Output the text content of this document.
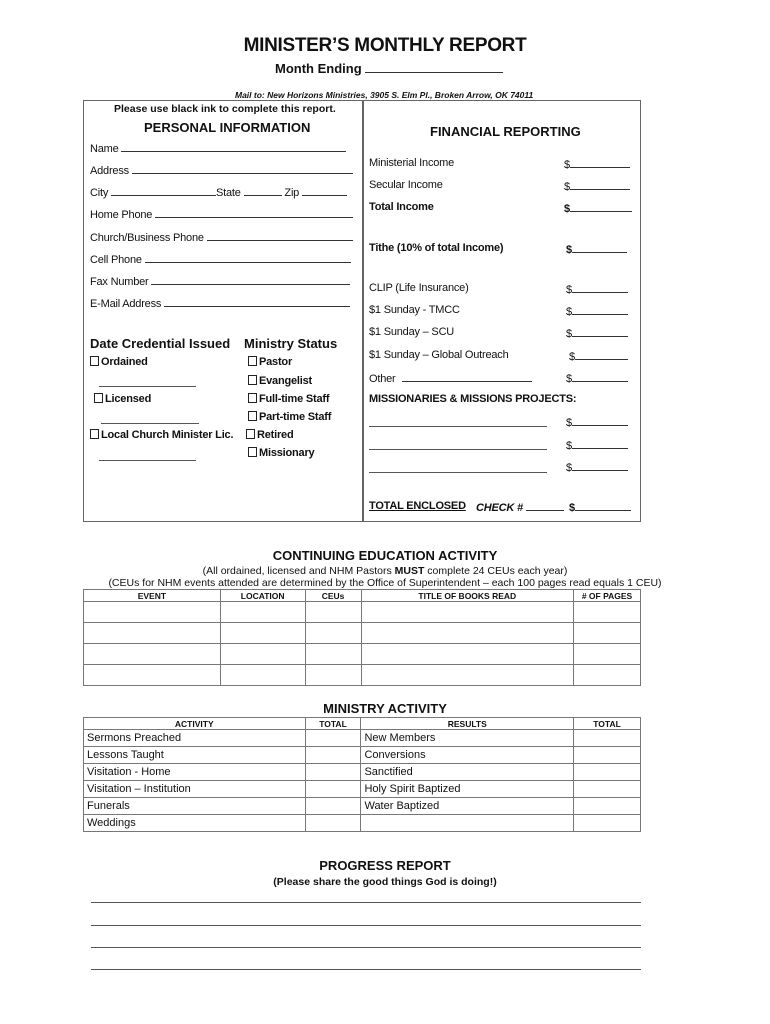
MINISTER’S MONTHLY REPORT
Month Ending
Mail to: New Horizons Ministries, 3905 S. Elm Pl., Broken Arrow, OK 74011
Please use black ink to complete this report.
PERSONAL INFORMATION
Name
Address
City	State	Zip
Home Phone
Church/Business Phone
Cell Phone
Fax Number
E-Mail Address
Date Credential Issued
Ordained
Licensed
Local Church Minister Lic.
Ministry Status
Pastor
Evangelist
Full-time Staff
Part-time Staff
Retired
Missionary
FINANCIAL REPORTING
Ministerial Income	$
Secular Income	$
Total Income	$
Tithe (10% of total Income)	$
CLIP (Life Insurance)	$
$1 Sunday - TMCC	$
$1 Sunday – SCU	$
$1 Sunday – Global Outreach	$
Other	$
MISSIONARIES & MISSIONS PROJECTS:
$
$
$
TOTAL ENCLOSED CHECK #	$
CONTINUING EDUCATION ACTIVITY
(All ordained, licensed and NHM Pastors MUST complete 24 CEUs each year)
(CEUs for NHM events attended are determined by the Office of Superintendent – each 100 pages read equals 1 CEU)
EVENT	LOCATION	CEUs	TITLE OF BOOKS READ	# OF PAGES

MINISTRY ACTIVITY
ACTIVITY	TOTAL	RESULTS	TOTAL
Sermons Preached		New Members	
Lessons Taught		Conversions	
Visitation - Home		Sanctified	
Visitation – Institution		Holy Spirit Baptized	
Funerals		Water Baptized	
Weddings			
PROGRESS REPORT
(Please share the good things God is doing!)
